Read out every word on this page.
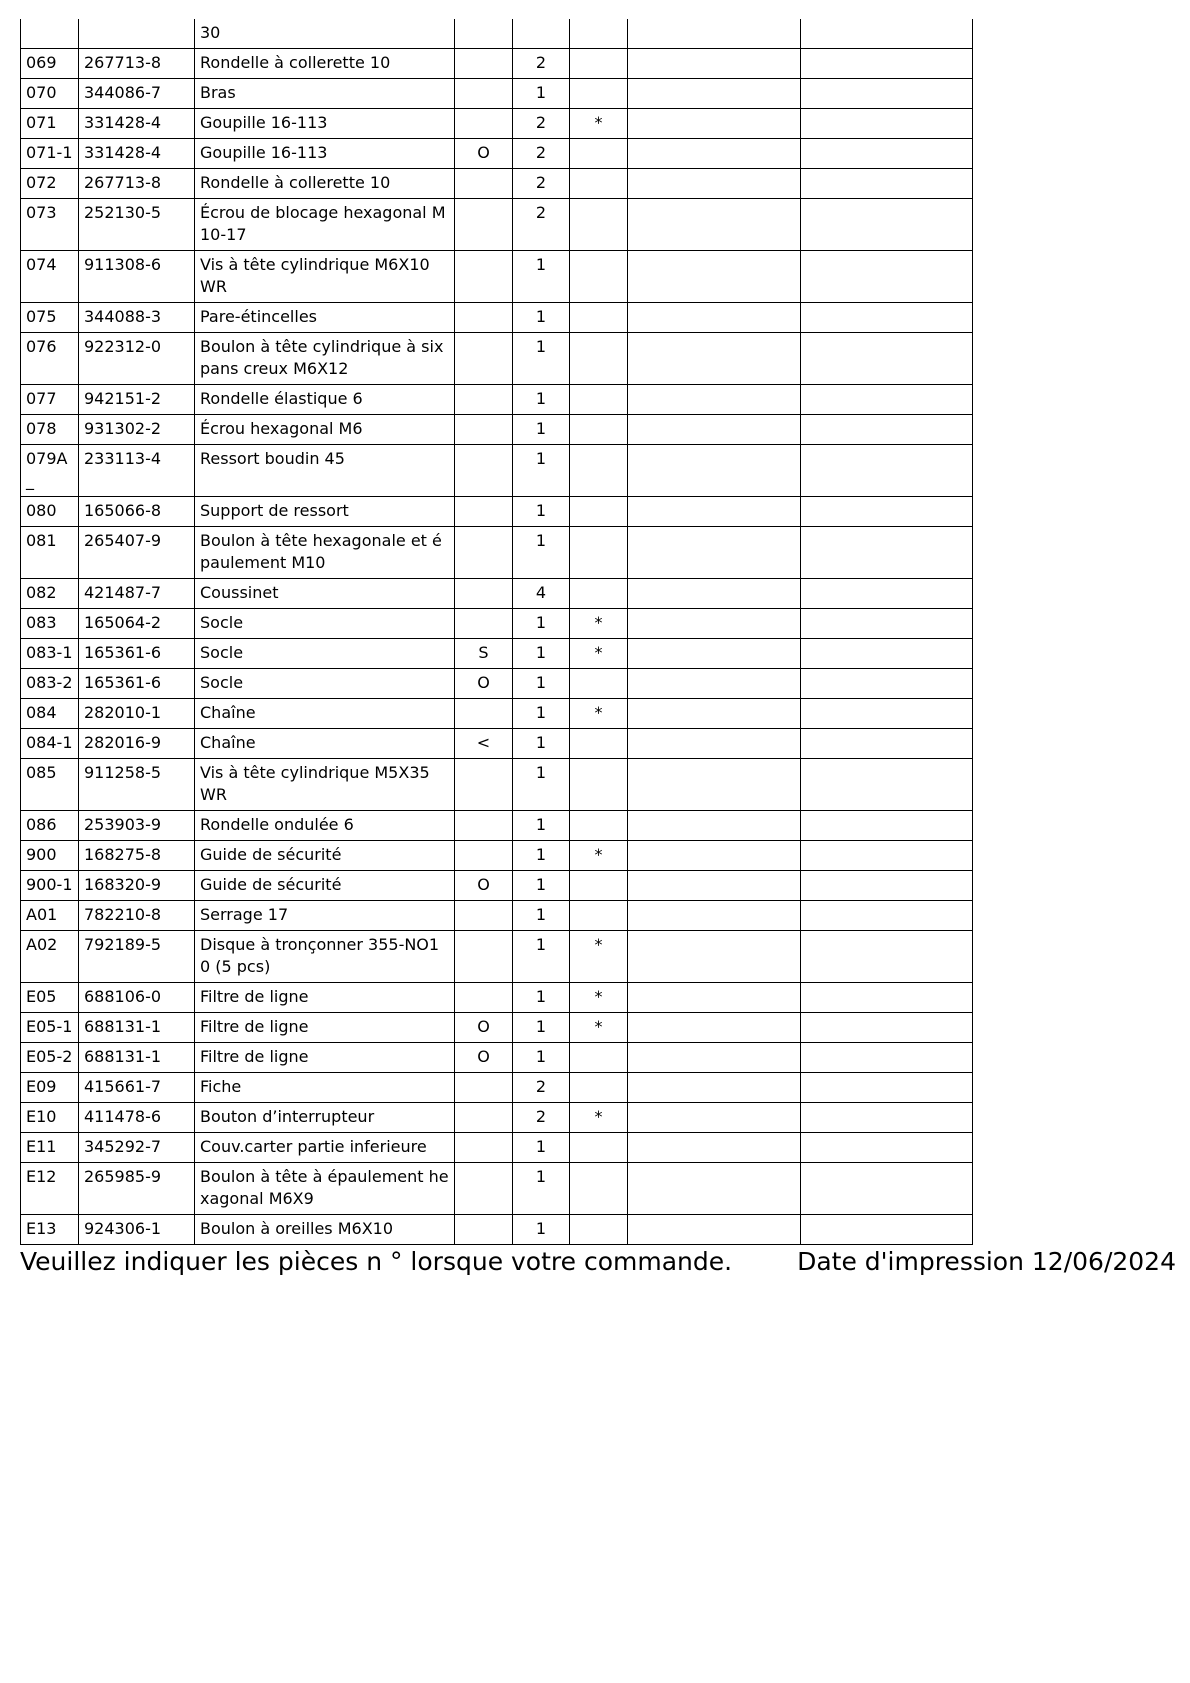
		30					
069	267713-8	Rondelle à collerette 10		2			
070	344086-7	Bras		1			
071	331428-4	Goupille 16-113		2	*		
071-1	331428-4	Goupille 16-113	O	2			
072	267713-8	Rondelle à collerette 10		2			
073	252130-5	Écrou de blocage hexagonal M10-17		2			
074	911308-6	Vis à tête cylindrique M6X10 WR		1			
075	344088-3	Pare-étincelles		1			
076	922312-0	Boulon à tête cylindrique à six pans creux M6X12		1			
077	942151-2	Rondelle élastique 6		1			
078	931302-2	Écrou hexagonal M6		1			
079A_	233113-4	Ressort boudin 45		1			
080	165066-8	Support de ressort		1			
081	265407-9	Boulon à tête hexagonale et épaulement M10		1			
082	421487-7	Coussinet		4			
083	165064-2	Socle		1	*		
083-1	165361-6	Socle	S	1	*		
083-2	165361-6	Socle	O	1			
084	282010-1	Chaîne		1	*		
084-1	282016-9	Chaîne	<	1			
085	911258-5	Vis à tête cylindrique M5X35 WR		1			
086	253903-9	Rondelle ondulée 6		1			
900	168275-8	Guide de sécurité		1	*		
900-1	168320-9	Guide de sécurité	O	1			
A01	782210-8	Serrage 17		1			
A02	792189-5	Disque à tronçonner 355-NO10 (5 pcs)		1	*		
E05	688106-0	Filtre de ligne		1	*		
E05-1	688131-1	Filtre de ligne	O	1	*		
E05-2	688131-1	Filtre de ligne	O	1			
E09	415661-7	Fiche		2			
E10	411478-6	Bouton d’interrupteur		2	*		
E11	345292-7	Couv.carter partie inferieure		1			
E12	265985-9	Boulon à tête à épaulement hexagonal M6X9		1			
E13	924306-1	Boulon à oreilles M6X10		1			
Veuillez indiquer les pièces n ° lorsque votre commande.	Date d'impression 12/06/2024
